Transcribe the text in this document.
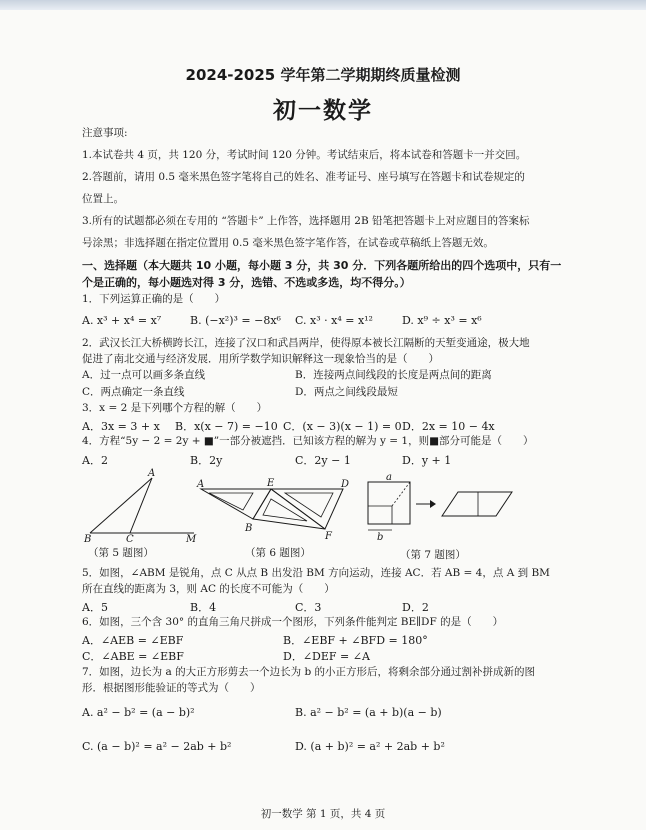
2024-2025 学年第二学期期终质量检测
初一数学
注意事项:
1.本试卷共 4 页，共 120 分，考试时间 120 分钟。考试结束后，将本试卷和答题卡一并交回。
2.答题前，请用 0.5 毫米黑色签字笔将自己的姓名、准考证号、座号填写在答题卡和试卷规定的
位置上。
3.所有的试题都必须在专用的 “答题卡” 上作答，选择题用 2B 铅笔把答题卡上对应题目的答案标
号涂黑；非选择题在指定位置用 0.5 毫米黑色签字笔作答，在试卷或草稿纸上答题无效。
一、选择题（本大题共 10 小题，每小题 3 分，共 30 分．下列各题所给出的四个选项中，只有一
个是正确的，每小题选对得 3 分，选错、不选或多选，均不得分。）
1．下列运算正确的是（　　）
A. x³ + x⁴ = x⁷	B. (−x²)³ = −8x⁶ C. x³ · x⁴ = x¹²	D. x⁹ ÷ x³ = x⁶
2．武汉长江大桥横跨长江，连接了汉口和武昌两岸，使得原本被长江隔断的天堑变通途，极大地
促进了南北交通与经济发展．用所学数学知识解释这一现象恰当的是（　　）
A．过一点可以画多条直线	B．连接两点间线段的长度是两点间的距离
C．两点确定一条直线	D．两点之间线段最短
3．x = 2 是下列哪个方程的解（　　）
A．3x = 3 + x B．x(x − 7) = −10 C．(x − 3)(x − 1) = 0 D．2x = 10 − 4x
4．方程“5y − 2 = 2y + ■”一部分被遮挡．已知该方程的解为 y = 1，则■部分可能是（　　）
A．2	B．2y	C．2y − 1	D．y + 1
A
B	C	M
A	E	D
B
F
a
b
（第 5 题图）	（第 6 题图）	（第 7 题图）
5．如图，∠ABM 是锐角，点 C 从点 B 出发沿 BM 方向运动，连接 AC．若 AB = 4，点 A 到 BM
所在直线的距离为 3，则 AC 的长度不可能为（　　）
A．5	B．4	C．3	D．2
6．如图，三个含 30° 的直角三角尺拼成一个图形，下列条件能判定 BE∥DF 的是（　　）
A．∠AEB = ∠EBF	B．∠EBF + ∠BFD = 180°
C．∠ABE = ∠EBF	D．∠DEF = ∠A
7．如图，边长为 a 的大正方形剪去一个边长为 b 的小正方形后，将剩余部分通过割补拼成新的图
形．根据图形能验证的等式为（　　）
A. a² − b² = (a − b)²	B. a² − b² = (a + b)(a − b)
C. (a − b)² = a² − 2ab + b²	D. (a + b)² = a² + 2ab + b²
初一数学 第 1 页，共 4 页
